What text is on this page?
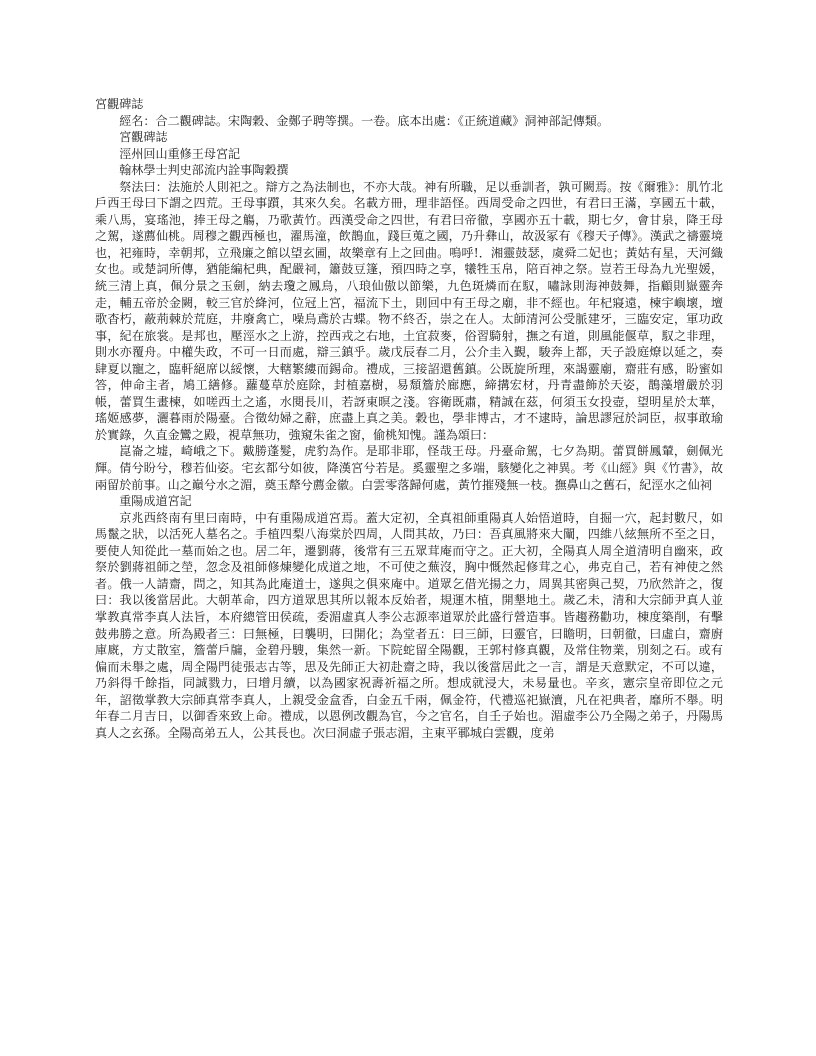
宮觀碑誌

經名：合二觀碑誌。宋陶穀、金鄭子聘等撰。一卷。底本出處：《正統道藏》洞神部記傳類。

宮觀碑誌

涇州回山重修王母宮記

翰林學士判史部流内詮事陶穀撰

祭法曰：法施於人則祀之。辯方之為法制也，不亦大哉。神有所職，足以垂訓者，孰可闕焉。按《爾雅》：肌竹北戶西王母曰下謂之四荒。王母事躓，其來久矣。名載方冊，理非語怪。西周受命之四世，有君曰王滿，享國五十載，乘八馬，宴瑤池，捧王母之觴，乃歌黃竹。西漢受命之四世，有君曰帝徹，享國亦五十載，期七夕，會甘泉，降王母之駕，遂薦仙桃。周穆之觀西極也，濯馬潼，飲鵲血，踐巨蒐之國，乃升彝山，故汲冢有《穆天子傳》。漢武之禱靈境也，祀雍時，幸朝邦，立飛廉之館以望玄圃，故樂章有上之回曲。嗚呼!．湘靈鼓瑟，虞舜二妃也；黃姑有星，天河織女也。或楚詞所傳，猶能編杞典，配嚴祠，簫鼓豆篷，預四時之享，犧牲玉帛，陪百神之祭。豈若王母為九光聖媛，統三清上真，佩分景之玉劍，納去瓊之鳳烏，八琅仙傲以節樂，九色斑燐而在馭，嘯詠則海神鼓舞，指顧則嶽靈奔走，輔五帝於金闕，較三官於絳河，位冠上宮，福流下土，則回中有王母之廟，非不經也。年杞寢遠，楝宇嶼壞，壇歌杳朽，蔽荊棘於荒庭，井廢禽亡，噪烏鳶於古蝶。物不終否，崇之在人。太師清河公受脈建牙，三臨安定，軍功政事，紀在旅裳。是邦也，壓涇水之上游，控西戎之右地，土宜菽麥，俗習騎射，撫之有道，則風能偃草，馭之非理，則水亦覆舟。中權失政，不可一日而處，辯三鎮乎。歲戊辰春二月，公介圭入覲，駿奔上都，天子設庭燎以延之，奏肆夏以寵之，臨軒絕席以綏懷，大轄繁縷而錫命。禮成，三接詔還舊鎮。公既旋所理，來謁靈廟，齋莊有感，盼蜜如答，伸命主者，鳩工繕修。蘿蔓草於庭除，封植嘉樹，易頹簷於廊應，締搆宏材，丹青盡飾於天姿，鵲藻增嚴於羽帳，蕾買生畫楝，如嗟西土之遙，水閱長川，若訝東暝之淺。容衛既肅，精誠在茲，何須玉女投壺，望明星於太華，瑤姬感夢，灑暮雨於陽臺。合徵幼婦之辭，庶盡上真之美。穀也，學非博古，才不逮時，論思謬冠於詞臣，叔事敢瑜於實錄，久直金鸞之殿，視草無功，強窺朱雀之窗，偷桃知愧。謹為頌曰：

崑崙之墟，崎峨之下。戴勝蓬髮，虎豹為作。是耶非耶，怪哉王母。丹臺命駕，七夕為期。蕾買餅鳳輦，劍佩光輝。倩兮盼兮，穆若仙姿。宅玄都兮如彼，降漢宮兮若是。奚靈聖之多端，駭變化之神異。考《山經》與《竹書》，故兩留於前事。山之巔兮水之湄，奠玉犛兮薦金徽。白雲零落歸何處，黃竹摧殘無一枝。撫鼻山之舊石，紀涇水之仙祠

重陽成道宮記

京兆西終南有里曰南時，中有重陽成道宮焉。蓋大定初，全真祖師重陽真人始悟道時，自掘一穴，起封數尺，如馬鬣之狀，以活死人墓名之。手植四梨八海棠於四周，人問其故，乃曰：吾真風將來大闡，四維八絃無所不至之日，要使人知從此一墓而始之也。居二年，遷劉蔣，後常有三五眾茸庵而守之。正大初，全陽真人周全道清明自幽來，政祭於劉蔣祖師之塋，忽念及祖師修煉變化成道之地，不可使之蕪沒，胸中慨然起修茸之心，弗克自己，若有神使之然者。俄一人請齋，問之，知其為此庵道士，遂與之俱來庵中。道眾乞借光揚之力，周異其密與己契，乃欣然許之，復曰：我以後當居此。大朝革命，四方道眾思其所以報本反始者，規運木植，開墾地土。歲乙未，清和大宗師尹真人並掌教真常李真人法旨，本府總管田侯疏，委湄虛真人李公志源率道眾於此盛行營造事。皆趨務勸功，棟度築削，有擊鼓弗勝之意。所為殿者三：曰無極，曰襲明，曰開化；為堂者五：曰三師，曰靈官，曰瞻明，曰朝徹，曰虛白，齋廚庫廐，方丈散室，簷蕾戶牖，金碧丹騪，集然一新。下院蛇留全陽觀，王郭村修真觀，及常住物業，別刻之石。或有偏而未舉之處，周全陽門徒張志古等，思及先師正大初赴齋之時，我以後當居此之一言，謂是天意默定，不可以違，乃斜得千餘指，同誠戮力，曰增月續，以為國家祝壽祈福之所。想成就浸大，未易量也。辛亥，憲宗皇帝即位之元年，詔徵掌教大宗師真常李真人，上親受金盒香，白金五千兩，佩金符，代禮巡祀嶽瀆，凡在祀典者，靡所不舉。明年春二月吉日，以御香來致上命。禮成，以恩例改觀為官，今之官名，自壬子始也。湄虛李公乃全陽之弟子，丹陽馬真人之玄孫。全陽高弟五人，公其長也。次曰洞虛子張志湄，主東平鄆城白雲觀，度弟
